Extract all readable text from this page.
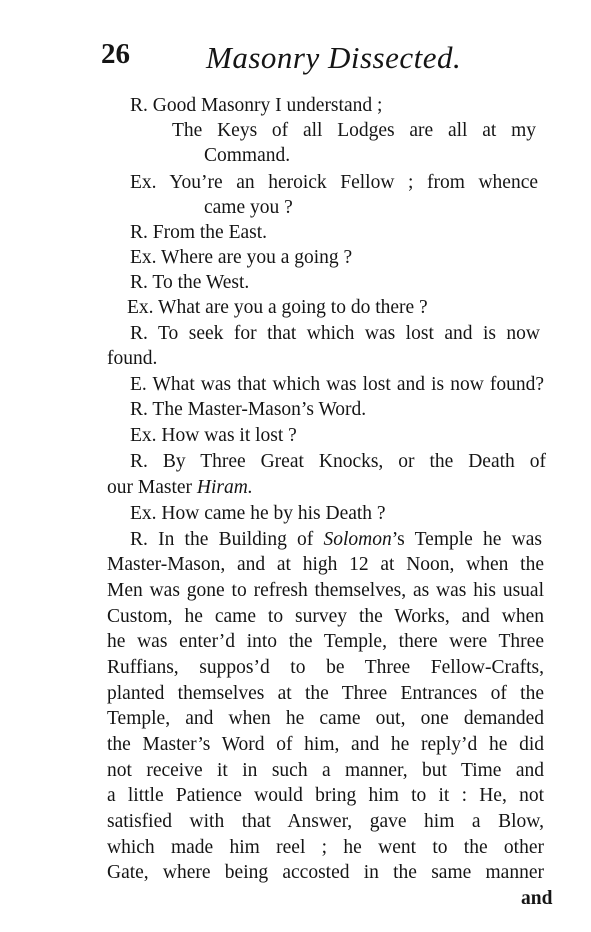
26 Masonry Dissected.
R. Good Masonry I understand ;
The Keys of all Lodges are all at my
Command.
Ex. You’re an heroick Fellow ; from whence
came you ?
R. From the East.
Ex. Where are you a going ?
R. To the West.
Ex. What are you a going to do there ?
R. To seek for that which was lost and is now
found.
E. What was that which was lost and is now found?
R. The Master-Mason’s Word.
Ex. How was it lost ?
R. By Three Great Knocks, or the Death of
our Master Hiram.
Ex. How came he by his Death ?
R. In the Building of Solomon’s Temple he was
Master-Mason, and at high 12 at Noon, when the
Men was gone to refresh themselves, as was his usual
Custom, he came to survey the Works, and when
he was enter’d into the Temple, there were Three
Ruffians, suppos’d to be Three Fellow-Crafts,
planted themselves at the Three Entrances of the
Temple, and when he came out, one demanded
the Master’s Word of him, and he reply’d he did
not receive it in such a manner, but Time and
a little Patience would bring him to it : He, not
satisfied with that Answer, gave him a Blow,
which made him reel ; he went to the other
Gate, where being accosted in the same manner
and
